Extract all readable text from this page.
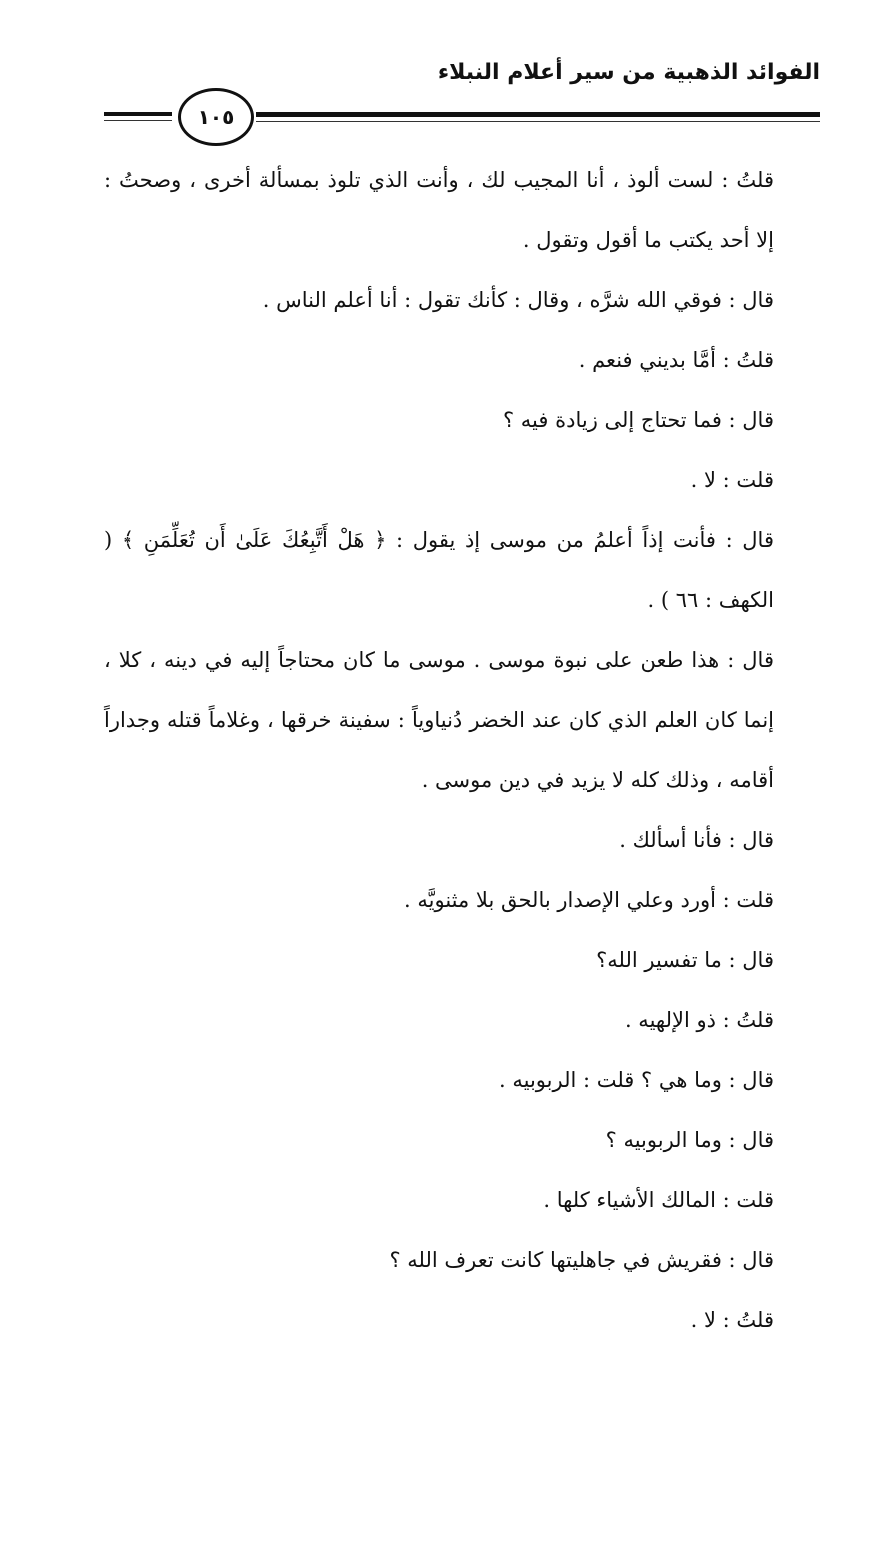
الفوائد الذهبية من سير أعلام النبلاء
١٠٥

قلتُ : لست ألوذ ، أنا المجيب لك ، وأنت الذي تلوذ بمسألة أخرى ، وصحتُ : إلا أحد يكتب ما أقول وتقول .

قال : فوقي الله شرَّه ، وقال : كأنك تقول : أنا أعلم الناس .

قلتُ : أمَّا بديني فنعم .

قال : فما تحتاج إلى زيادة فيه ؟

قلت : لا .

قال : فأنت إذاً أعلمُ من موسى إذ يقول : ﴿ هَلْ أَتَّبِعُكَ عَلَىٰ أَن تُعَلِّمَنِ ﴾ ( الكهف : ٦٦ ) .

قال : هذا طعن على نبوة موسى . موسى ما كان محتاجاً إليه في دينه ، كلا ، إنما كان العلم الذي كان عند الخضر دُنياوياً : سفينة خرقها ، وغلاماً قتله وجداراً أقامه ، وذلك كله لا يزيد في دين موسى .

قال : فأنا أسألك .

قلت : أورد وعلي الإصدار بالحق بلا مثنويَّه .

قال : ما تفسير الله؟

قلتُ : ذو الإلهيه .

قال : وما هي ؟ قلت : الربوبيه .

قال : وما الربوبيه ؟

قلت : المالك الأشياء كلها .

قال : فقريش في جاهليتها كانت تعرف الله ؟

قلتُ : لا .
